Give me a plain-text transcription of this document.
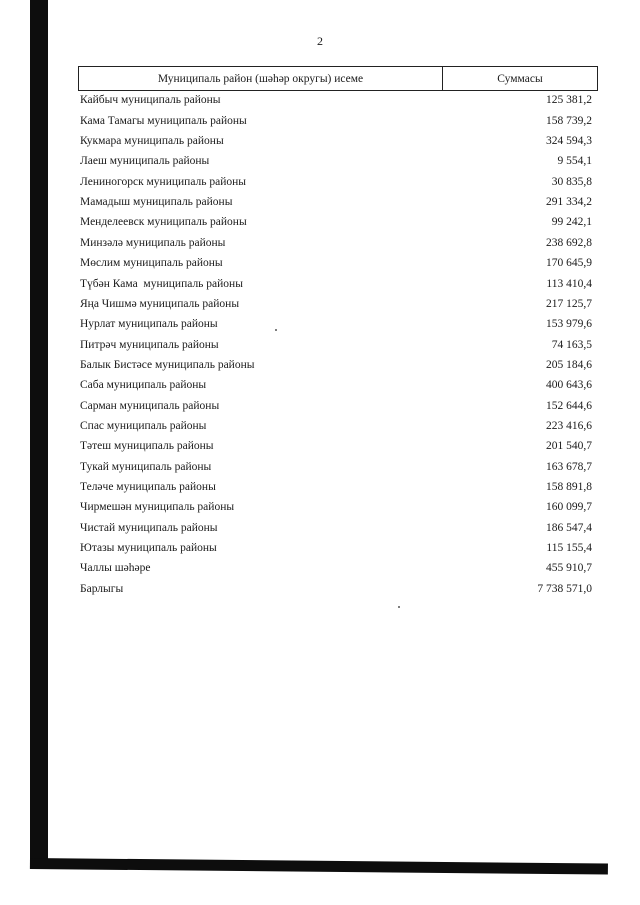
2
Муниципаль район (шәһәр округы) исеме	Суммасы
Кайбыч муниципаль районы	125 381,2
Кама Тамагы муниципаль районы	158 739,2
Кукмара муниципаль районы	324 594,3
Лаеш муниципаль районы	9 554,1
Лениногорск муниципаль районы	30 835,8
Мамадыш муниципаль районы	291 334,2
Менделеевск муниципаль районы	99 242,1
Минзәлә муниципаль районы	238 692,8
Мөслим муниципаль районы	170 645,9
Түбән Кама  муниципаль районы	113 410,4
Яңа Чишмә муниципаль районы	217 125,7
Нурлат муниципаль районы	153 979,6
Питрәч муниципаль районы	74 163,5
Балык Бистәсе муниципаль районы	205 184,6
Саба муниципаль районы	400 643,6
Сарман муниципаль районы	152 644,6
Спас муниципаль районы	223 416,6
Тәтеш муниципаль районы	201 540,7
Тукай муниципаль районы	163 678,7
Теләче муниципаль районы	158 891,8
Чирмешән муниципаль районы	160 099,7
Чистай муниципаль районы	186 547,4
Ютазы муниципаль районы	115 155,4
Чаллы шәһәре	455 910,7
Барлыгы	7 738 571,0
